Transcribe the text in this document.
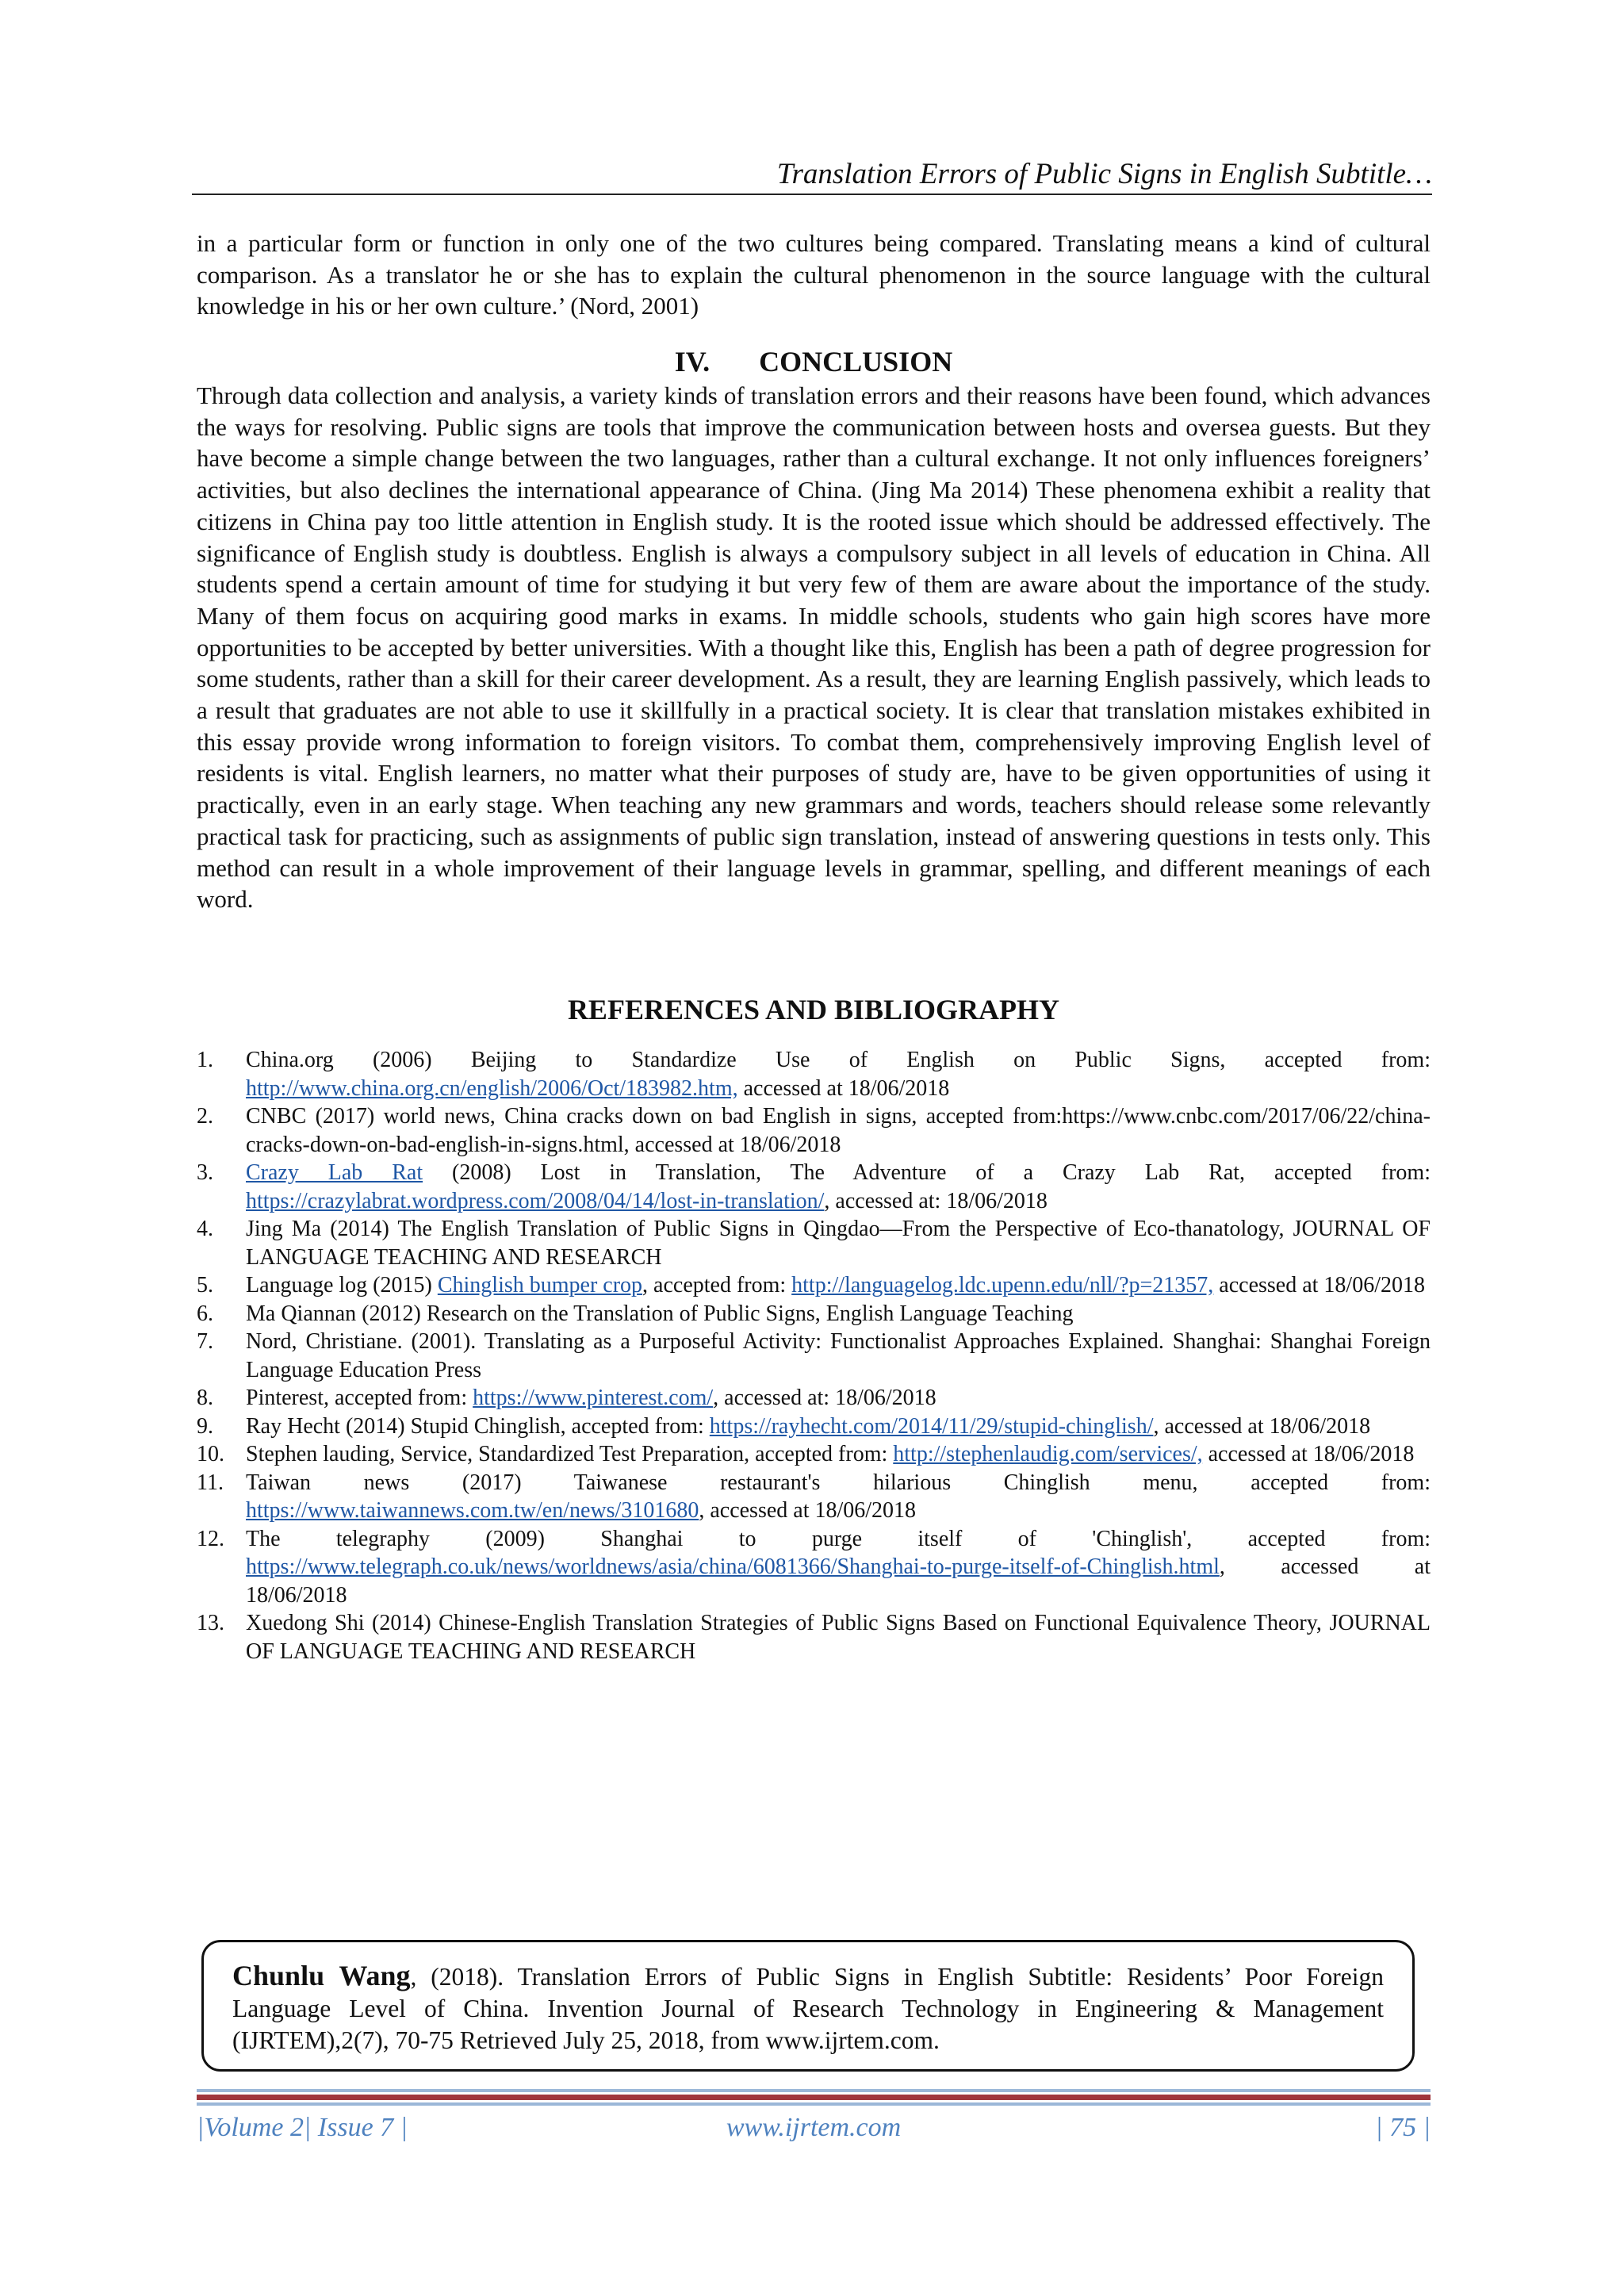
Translation Errors of Public Signs in English Subtitle…

in a particular form or function in only one of the two cultures being compared. Translating means a kind of cultural comparison. As a translator he or she has to explain the cultural phenomenon in the source language with the cultural knowledge in his or her own culture.’ (Nord, 2001)

IV. CONCLUSION

Through data collection and analysis, a variety kinds of translation errors and their reasons have been found, which advances the ways for resolving. Public signs are tools that improve the communication between hosts and oversea guests. But they have become a simple change between the two languages, rather than a cultural exchange. It not only influences foreigners’ activities, but also declines the international appearance of China. (Jing Ma 2014) These phenomena exhibit a reality that citizens in China pay too little attention in English study. It is the rooted issue which should be addressed effectively. The significance of English study is doubtless. English is always a compulsory subject in all levels of education in China. All students spend a certain amount of time for studying it but very few of them are aware about the importance of the study. Many of them focus on acquiring good marks in exams. In middle schools, students who gain high scores have more opportunities to be accepted by better universities. With a thought like this, English has been a path of degree progression for some students, rather than a skill for their career development. As a result, they are learning English passively, which leads to a result that graduates are not able to use it skillfully in a practical society. It is clear that translation mistakes exhibited in this essay provide wrong information to foreign visitors. To combat them, comprehensively improving English level of residents is vital. English learners, no matter what their purposes of study are, have to be given opportunities of using it practically, even in an early stage. When teaching any new grammars and words, teachers should release some relevantly practical task for practicing, such as assignments of public sign translation, instead of answering questions in tests only. This method can result in a whole improvement of their language levels in grammar, spelling, and different meanings of each word.

REFERENCES AND BIBLIOGRAPHY
1. China.org (2006) Beijing to Standardize Use of English on Public Signs, accepted from: http://www.china.org.cn/english/2006/Oct/183982.htm, accessed at 18/06/2018
2. CNBC (2017) world news, China cracks down on bad English in signs, accepted from:https://www.cnbc.com/2017/06/22/china-cracks-down-on-bad-english-in-signs.html, accessed at 18/06/2018
3. Crazy Lab Rat (2008) Lost in Translation, The Adventure of a Crazy Lab Rat, accepted from: https://crazylabrat.wordpress.com/2008/04/14/lost-in-translation/, accessed at: 18/06/2018
4. Jing Ma (2014) The English Translation of Public Signs in Qingdao—From the Perspective of Eco-thanatology, JOURNAL OF LANGUAGE TEACHING AND RESEARCH
5. Language log (2015) Chinglish bumper crop, accepted from: http://languagelog.ldc.upenn.edu/nll/?p=21357, accessed at 18/06/2018
6. Ma Qiannan (2012) Research on the Translation of Public Signs, English Language Teaching
7. Nord, Christiane. (2001). Translating as a Purposeful Activity: Functionalist Approaches Explained. Shanghai: Shanghai Foreign Language Education Press
8. Pinterest, accepted from: https://www.pinterest.com/, accessed at: 18/06/2018
9. Ray Hecht (2014) Stupid Chinglish, accepted from: https://rayhecht.com/2014/11/29/stupid-chinglish/, accessed at 18/06/2018
10. Stephen lauding, Service, Standardized Test Preparation, accepted from: http://stephenlaudig.com/services/, accessed at 18/06/2018
11. Taiwan news (2017) Taiwanese restaurant's hilarious Chinglish menu, accepted from: https://www.taiwannews.com.tw/en/news/3101680, accessed at 18/06/2018
12. The telegraphy (2009) Shanghai to purge itself of 'Chinglish', accepted from: https://www.telegraph.co.uk/news/worldnews/asia/china/6081366/Shanghai-to-purge-itself-of-Chinglish.html, accessed at 18/06/2018
13. Xuedong Shi (2014) Chinese-English Translation Strategies of Public Signs Based on Functional Equivalence Theory, JOURNAL OF LANGUAGE TEACHING AND RESEARCH
Chunlu Wang, (2018). Translation Errors of Public Signs in English Subtitle: Residents’ Poor Foreign Language Level of China. Invention Journal of Research Technology in Engineering & Management (IJRTEM),2(7), 70-75 Retrieved July 25, 2018, from www.ijrtem.com.
|Volume 2| Issue 7 |	www.ijrtem.com	| 75 |
